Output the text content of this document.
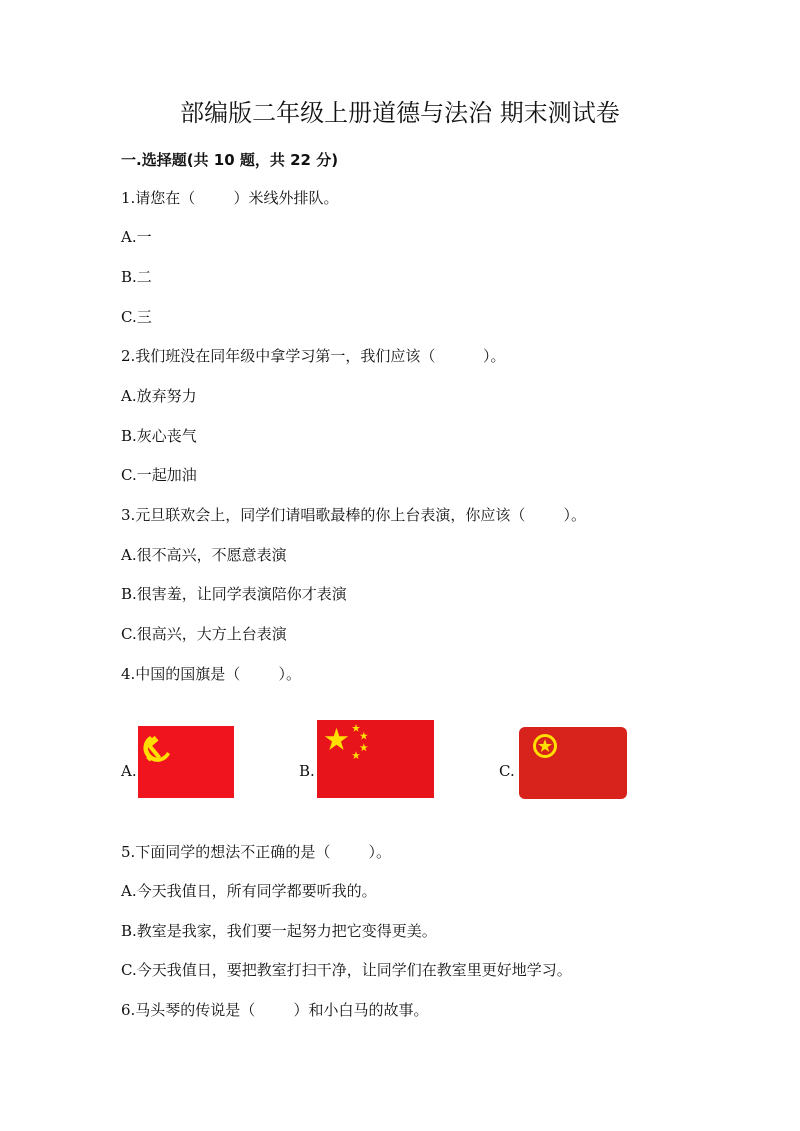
部编版二年级上册道德与法治 期末测试卷
一.选择题(共 10 题，共 22 分)
1.请您在（        ）米线外排队。
A.一
B.二
C.三
2.我们班没在同年级中拿学习第一，我们应该（          ）。
A.放弃努力
B.灰心丧气
C.一起加油
3.元旦联欢会上，同学们请唱歌最棒的你上台表演，你应该（        ）。
A.很不高兴，不愿意表演
B.很害羞，让同学表演陪你才表演
C.很高兴，大方上台表演
4.中国的国旗是（        ）。
A.	B.	C.
5.下面同学的想法不正确的是（        ）。
A.今天我值日，所有同学都要听我的。
B.教室是我家，我们要一起努力把它变得更美。
C.今天我值日，要把教室打扫干净，让同学们在教室里更好地学习。
6.马头琴的传说是（        ）和小白马的故事。
